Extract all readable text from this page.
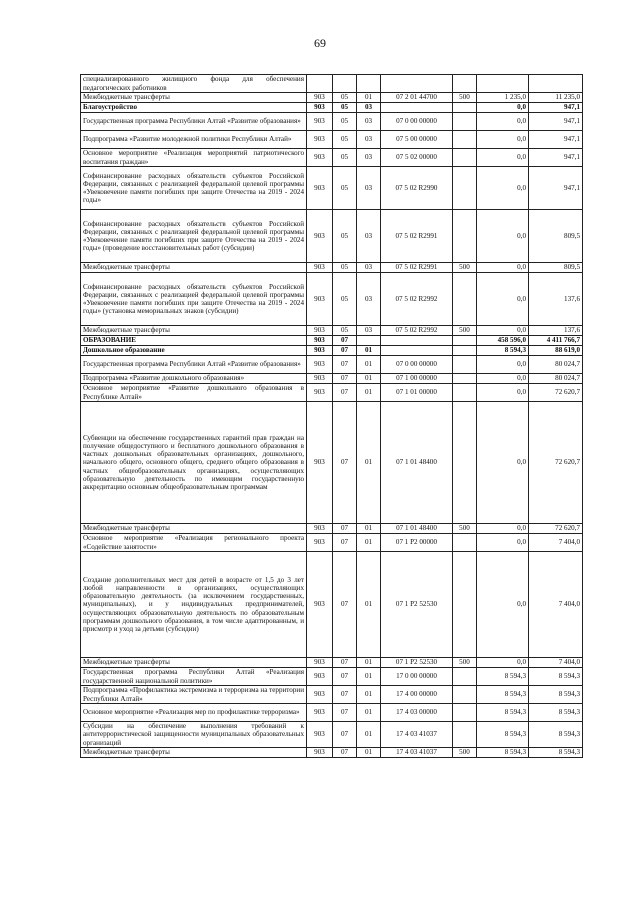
69
специализированного жилищного фонда для обеспечения педагогических работников							
Межбюджетные трансферты	903	05	01	07 2 01 44700	500	1 235,0	11 235,0
Благоустройство	903	05	03			0,0	947,1
Государственная программа Республики Алтай «Развитие образования»	903	05	03	07 0 00 00000		0,0	947,1
Подпрограмма «Развитие молодежной политики Республики Алтай»	903	05	03	07 5 00 00000		0,0	947,1
Основное мероприятие «Реализация мероприятий патриотического воспитания граждан»	903	05	03	07 5 02 00000		0,0	947,1
Софинансирование расходных обязательств субъектов Российской Федерации, связанных с реализацией федеральной целевой программы «Увековечение памяти погибших при защите Отечества на 2019 - 2024 годы»	903	05	03	07 5 02 R2990		0,0	947,1
Софинансирование расходных обязательств субъектов Российской Федерации, связанных с реализацией федеральной целевой программы «Увековечение памяти погибших при защите Отечества на 2019 - 2024 годы» (проведение восстановительных работ (субсидии)	903	05	03	07 5 02 R2991		0,0	809,5
Межбюджетные трансферты	903	05	03	07 5 02 R2991	500	0,0	809,5
Софинансирование расходных обязательств субъектов Российской Федерации, связанных с реализацией федеральной целевой программы «Увековечение памяти погибших при защите Отечества на 2019 - 2024 годы» (установка мемориальных знаков (субсидии)	903	05	03	07 5 02 R2992		0,0	137,6
Межбюджетные трансферты	903	05	03	07 5 02 R2992	500	0,0	137,6
ОБРАЗОВАНИЕ	903	07				458 596,0	4 411 766,7
Дошкольное образование	903	07	01			8 594,3	88 619,0
Государственная программа Республики Алтай «Развитие образования»	903	07	01	07 0 00 00000		0,0	80 024,7
Подпрограмма «Развитие дошкольного образования»	903	07	01	07 1 00 00000		0,0	80 024,7
Основное мероприятие «Развитие дошкольного образования в Республике Алтай»	903	07	01	07 1 01 00000		0,0	72 620,7
Субвенции на обеспечение государственных гарантий прав граждан на получение общедоступного и бесплатного дошкольного образования в частных дошкольных образовательных организациях, дошкольного, начального общего, основного общего, среднего общего образования в частных общеобразовательных организациях, осуществляющих образовательную деятельность по имеющим государственную аккредитацию основным общеобразовательным программам	903	07	01	07 1 01 48400		0,0	72 620,7
Межбюджетные трансферты	903	07	01	07 1 01 48400	500	0,0	72 620,7
Основное мероприятие «Реализация регионального проекта «Содействие занятости»	903	07	01	07 1 P2 00000		0,0	7 404,0
Создание дополнительных мест для детей в возрасте от 1,5 до 3 лет любой направленности в организациях, осуществляющих образовательную деятельность (за исключением государственных, муниципальных), и у индивидуальных предпринимателей, осуществляющих образовательную деятельность по образовательным программам дошкольного образования, в том числе адаптированным, и присмотр и уход за детьми (субсидии)	903	07	01	07 1 P2 52530		0,0	7 404,0
Межбюджетные трансферты	903	07	01	07 1 P2 52530	500	0,0	7 404,0
Государственная программа Республики Алтай «Реализация государственной национальной политики»	903	07	01	17 0 00 00000		8 594,3	8 594,3
Подпрограмма «Профилактика экстремизма и терроризма на территории Республики Алтай»	903	07	01	17 4 00 00000		8 594,3	8 594,3
Основное мероприятие «Реализация мер по профилактике терроризма»	903	07	01	17 4 03 00000		8 594,3	8 594,3
Субсидии на обеспечение выполнения требований к антитеррористической защищенности муниципальных образовательных организаций	903	07	01	17 4 03 41037		8 594,3	8 594,3
Межбюджетные трансферты	903	07	01	17 4 03 41037	500	8 594,3	8 594,3
